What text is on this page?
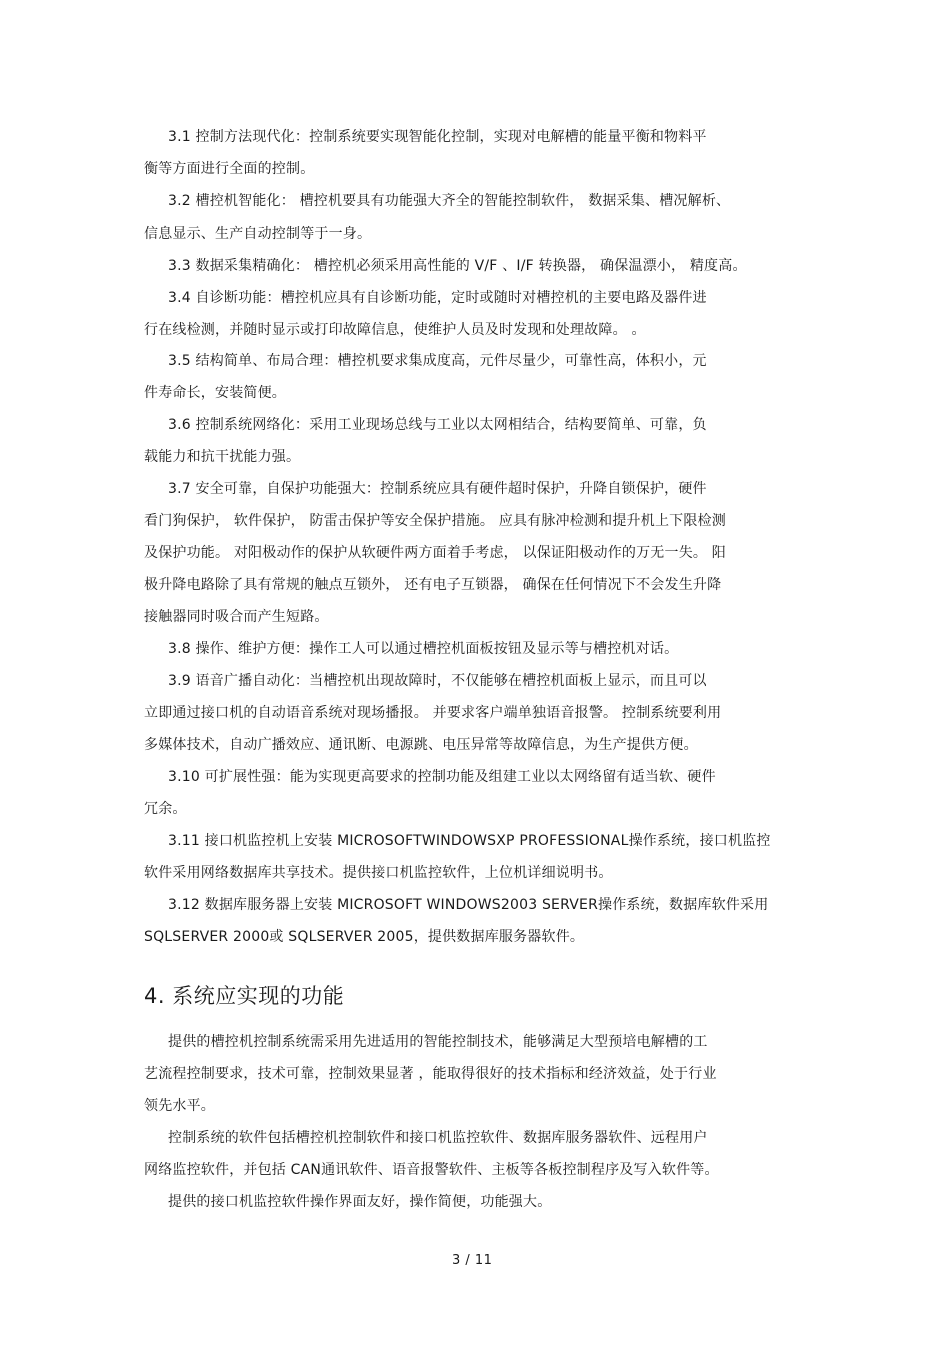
3.1 控制方法现代化：控制系统要实现智能化控制，实现对电解槽的能量平衡和物料平
衡等方面进行全面的控制。
3.2 槽控机智能化： 槽控机要具有功能强大齐全的智能控制软件， 数据采集、槽况解析、
信息显示、生产自动控制等于一身。
3.3 数据采集精确化： 槽控机必须采用高性能的 V/F 、I/F 转换器， 确保温漂小， 精度高。
3.4 自诊断功能：槽控机应具有自诊断功能，定时或随时对槽控机的主要电路及器件进
行在线检测，并随时显示或打印故障信息，使维护人员及时发现和处理故障。 。
3.5 结构简单、布局合理：槽控机要求集成度高，元件尽量少，可靠性高，体积小，元
件寿命长，安装简便。
3.6 控制系统网络化：采用工业现场总线与工业以太网相结合，结构要简单、可靠，负
载能力和抗干扰能力强。
3.7 安全可靠，自保护功能强大：控制系统应具有硬件超时保护，升降自锁保护，硬件
看门狗保护， 软件保护， 防雷击保护等安全保护措施。 应具有脉冲检测和提升机上下限检测
及保护功能。 对阳极动作的保护从软硬件两方面着手考虑， 以保证阳极动作的万无一失。 阳
极升降电路除了具有常规的触点互锁外， 还有电子互锁器， 确保在任何情况下不会发生升降
接触器同时吸合而产生短路。
3.8 操作、维护方便：操作工人可以通过槽控机面板按钮及显示等与槽控机对话。
3.9 语音广播自动化：当槽控机出现故障时，不仅能够在槽控机面板上显示，而且可以
立即通过接口机的自动语音系统对现场播报。 并要求客户端单独语音报警。 控制系统要利用
多媒体技术，自动广播效应、通讯断、电源跳、电压异常等故障信息，为生产提供方便。
3.10 可扩展性强：能为实现更高要求的控制功能及组建工业以太网络留有适当软、硬件
冗余。
3.11 接口机监控机上安装 MICROSOFTWINDOWSXP PROFESSIONAL操作系统，接口机监控
软件采用网络数据库共享技术。提供接口机监控软件，上位机详细说明书。
3.12 数据库服务器上安装 MICROSOFT WINDOWS2003 SERVER操作系统，数据库软件采用
SQLSERVER 2000或 SQLSERVER 2005，提供数据库服务器软件。
4. 系统应实现的功能
提供的槽控机控制系统需采用先进适用的智能控制技术，能够满足大型预培电解槽的工
艺流程控制要求，技术可靠，控制效果显著 ，能取得很好的技术指标和经济效益，处于行业
领先水平。
控制系统的软件包括槽控机控制软件和接口机监控软件、数据库服务器软件、远程用户
网络监控软件，并包括 CAN通讯软件、语音报警软件、主板等各板控制程序及写入软件等。
提供的接口机监控软件操作界面友好，操作简便，功能强大。
3 / 11
